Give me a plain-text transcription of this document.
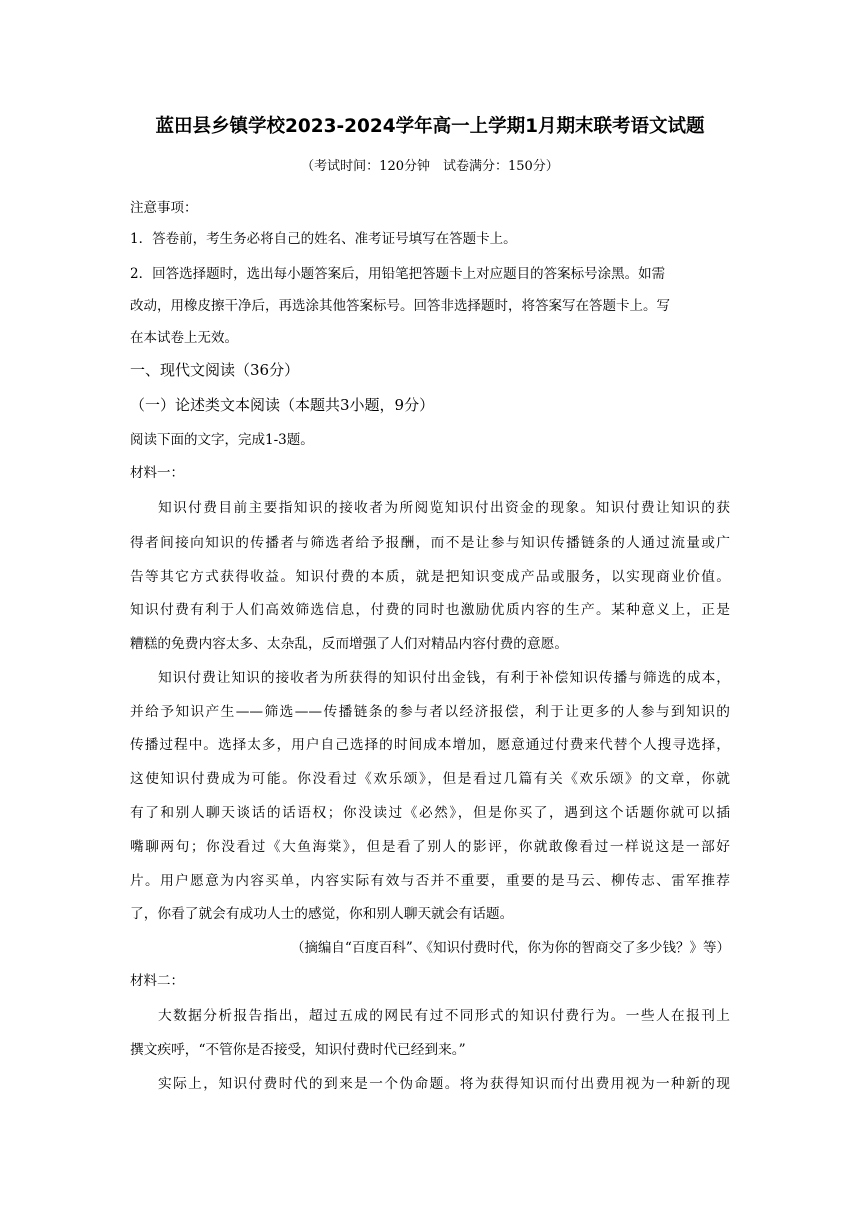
蓝田县乡镇学校2023-2024学年高一上学期1月期末联考语文试题
（考试时间：120分钟　试卷满分：150分）
注意事项：
1．答卷前，考生务必将自己的姓名、准考证号填写在答题卡上。
2．回答选择题时，选出每小题答案后，用铅笔把答题卡上对应题目的答案标号涂黑。如需
改动，用橡皮擦干净后，再选涂其他答案标号。回答非选择题时，将答案写在答题卡上。写
在本试卷上无效。
一、现代文阅读（36分）
（一）论述类文本阅读（本题共3小题，9分）
阅读下面的文字，完成1-3题。
材料一：
知识付费目前主要指知识的接收者为所阅览知识付出资金的现象。知识付费让知识的获
得者间接向知识的传播者与筛选者给予报酬，而不是让参与知识传播链条的人通过流量或广
告等其它方式获得收益。知识付费的本质，就是把知识变成产品或服务，以实现商业价值。
知识付费有利于人们高效筛选信息，付费的同时也激励优质内容的生产。某种意义上，正是
糟糕的免费内容太多、太杂乱，反而增强了人们对精品内容付费的意愿。
知识付费让知识的接收者为所获得的知识付出金钱，有利于补偿知识传播与筛选的成本，
并给予知识产生——筛选——传播链条的参与者以经济报偿，利于让更多的人参与到知识的
传播过程中。选择太多，用户自己选择的时间成本增加，愿意通过付费来代替个人搜寻选择，
这使知识付费成为可能。你没看过《欢乐颂》，但是看过几篇有关《欢乐颂》的文章，你就
有了和别人聊天谈话的话语权；你没读过《必然》，但是你买了，遇到这个话题你就可以插
嘴聊两句；你没看过《大鱼海棠》，但是看了别人的影评，你就敢像看过一样说这是一部好
片。用户愿意为内容买单，内容实际有效与否并不重要，重要的是马云、柳传志、雷军推荐
了，你看了就会有成功人士的感觉，你和别人聊天就会有话题。
（摘编自“百度百科”、《知识付费时代，你为你的智商交了多少钱？》等）
材料二：
大数据分析报告指出，超过五成的网民有过不同形式的知识付费行为。一些人在报刊上
撰文疾呼，“不管你是否接受，知识付费时代已经到来。”
实际上，知识付费时代的到来是一个伪命题。将为获得知识而付出费用视为一种新的现
